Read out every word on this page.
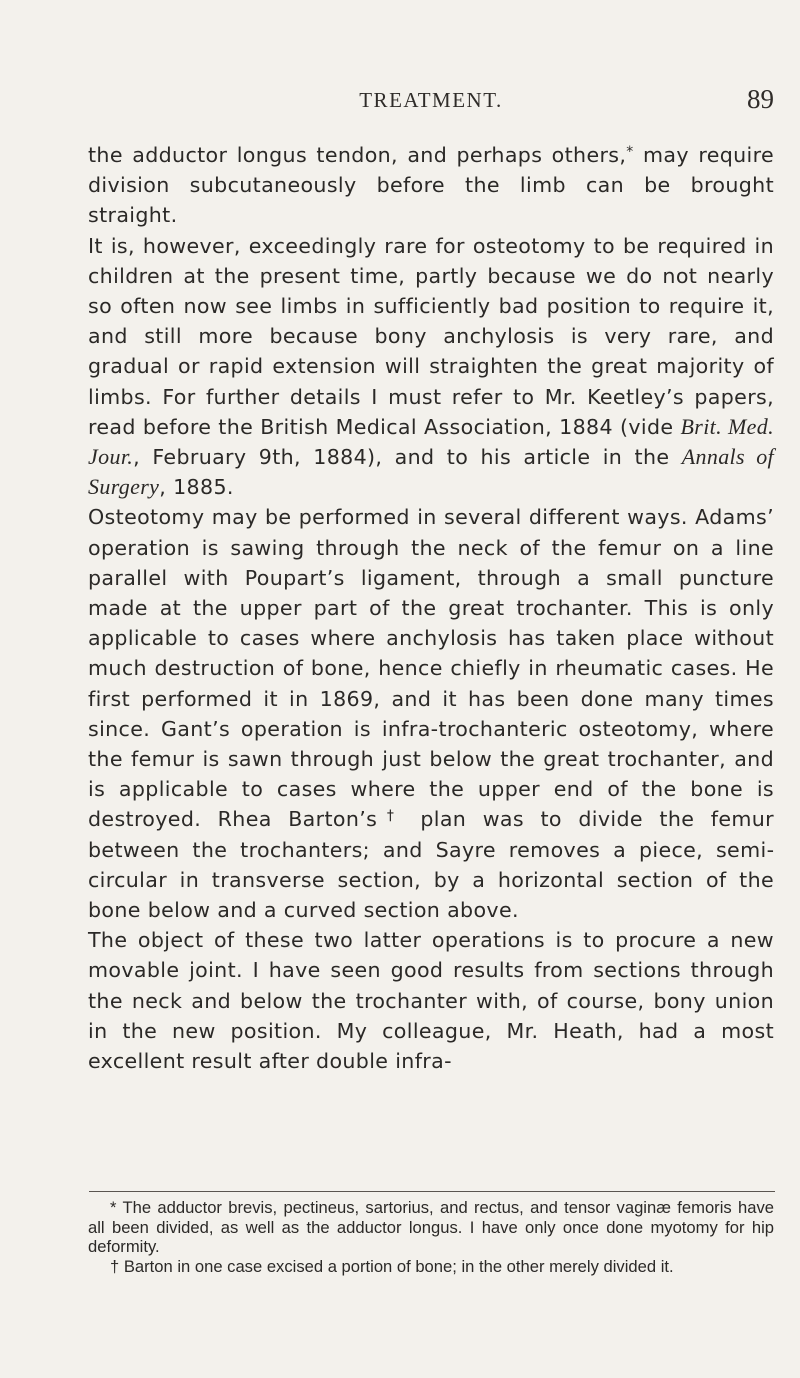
TREATMENT.	89

the adductor longus tendon, and perhaps others,* may require division subcutaneously before the limb can be brought straight.

It is, however, exceedingly rare for osteotomy to be required in children at the present time, partly because we do not nearly so often now see limbs in sufficiently bad position to require it, and still more because bony anchylosis is very rare, and gradual or rapid extension will straighten the great majority of limbs. For further details I must refer to Mr. Keetley’s papers, read before the British Medical Association, 1884 (vide Brit. Med. Jour., February 9th, 1884), and to his article in the Annals of Surgery, 1885.

Osteotomy may be performed in several different ways. Adams’ operation is sawing through the neck of the femur on a line parallel with Poupart’s ligament, through a small puncture made at the upper part of the great trochanter. This is only applicable to cases where anchylosis has taken place without much destruction of bone, hence chiefly in rheumatic cases. He first performed it in 1869, and it has been done many times since. Gant’s operation is infra-trochanteric osteotomy, where the femur is sawn through just below the great trochanter, and is applicable to cases where the upper end of the bone is destroyed. Rhea Barton’s† plan was to divide the femur between the trochanters; and Sayre removes a piece, semicircular in transverse section, by a horizontal section of the bone below and a curved section above.

The object of these two latter operations is to procure a new movable joint. I have seen good results from sections through the neck and below the trochanter with, of course, bony union in the new position. My colleague, Mr. Heath, had a most excellent result after double infra-

* The adductor brevis, pectineus, sartorius, and rectus, and tensor vaginæ femoris have all been divided, as well as the adductor longus. I have only once done myotomy for hip deformity.

† Barton in one case excised a portion of bone; in the other merely divided it.
